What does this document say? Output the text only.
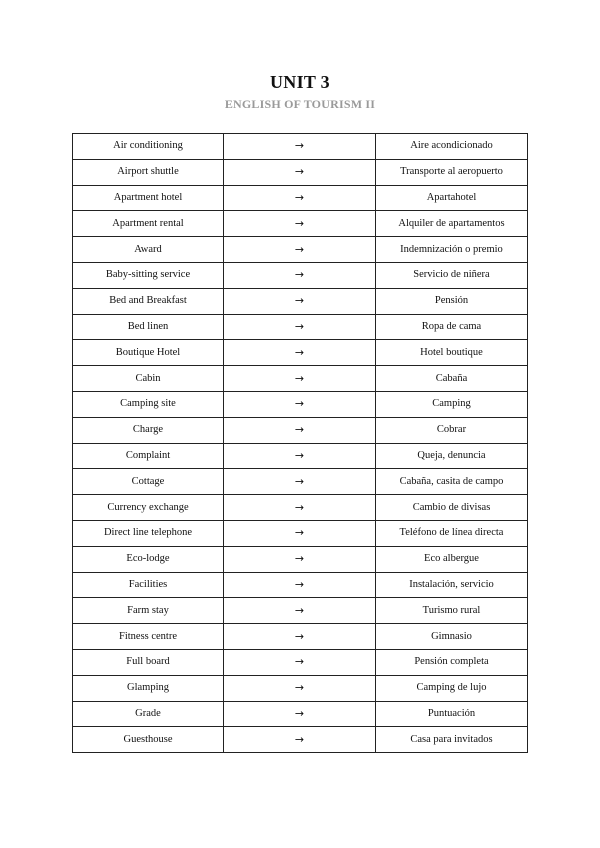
UNIT 3
ENGLISH OF TOURISM II
Air conditioning	→	Aire acondicionado
Airport shuttle	→	Transporte al aeropuerto
Apartment hotel	→	Apartahotel
Apartment rental	→	Alquiler de apartamentos
Award	→	Indemnización o premio
Baby-sitting service	→	Servicio de niñera
Bed and Breakfast	→	Pensión
Bed linen	→	Ropa de cama
Boutique Hotel	→	Hotel boutique
Cabin	→	Cabaña
Camping site	→	Camping
Charge	→	Cobrar
Complaint	→	Queja, denuncia
Cottage	→	Cabaña, casita de campo
Currency exchange	→	Cambio de divisas
Direct line telephone	→	Teléfono de línea directa
Eco-lodge	→	Eco albergue
Facilities	→	Instalación, servicio
Farm stay	→	Turismo rural
Fitness centre	→	Gimnasio
Full board	→	Pensión completa
Glamping	→	Camping de lujo
Grade	→	Puntuación
Guesthouse	→	Casa para invitados
